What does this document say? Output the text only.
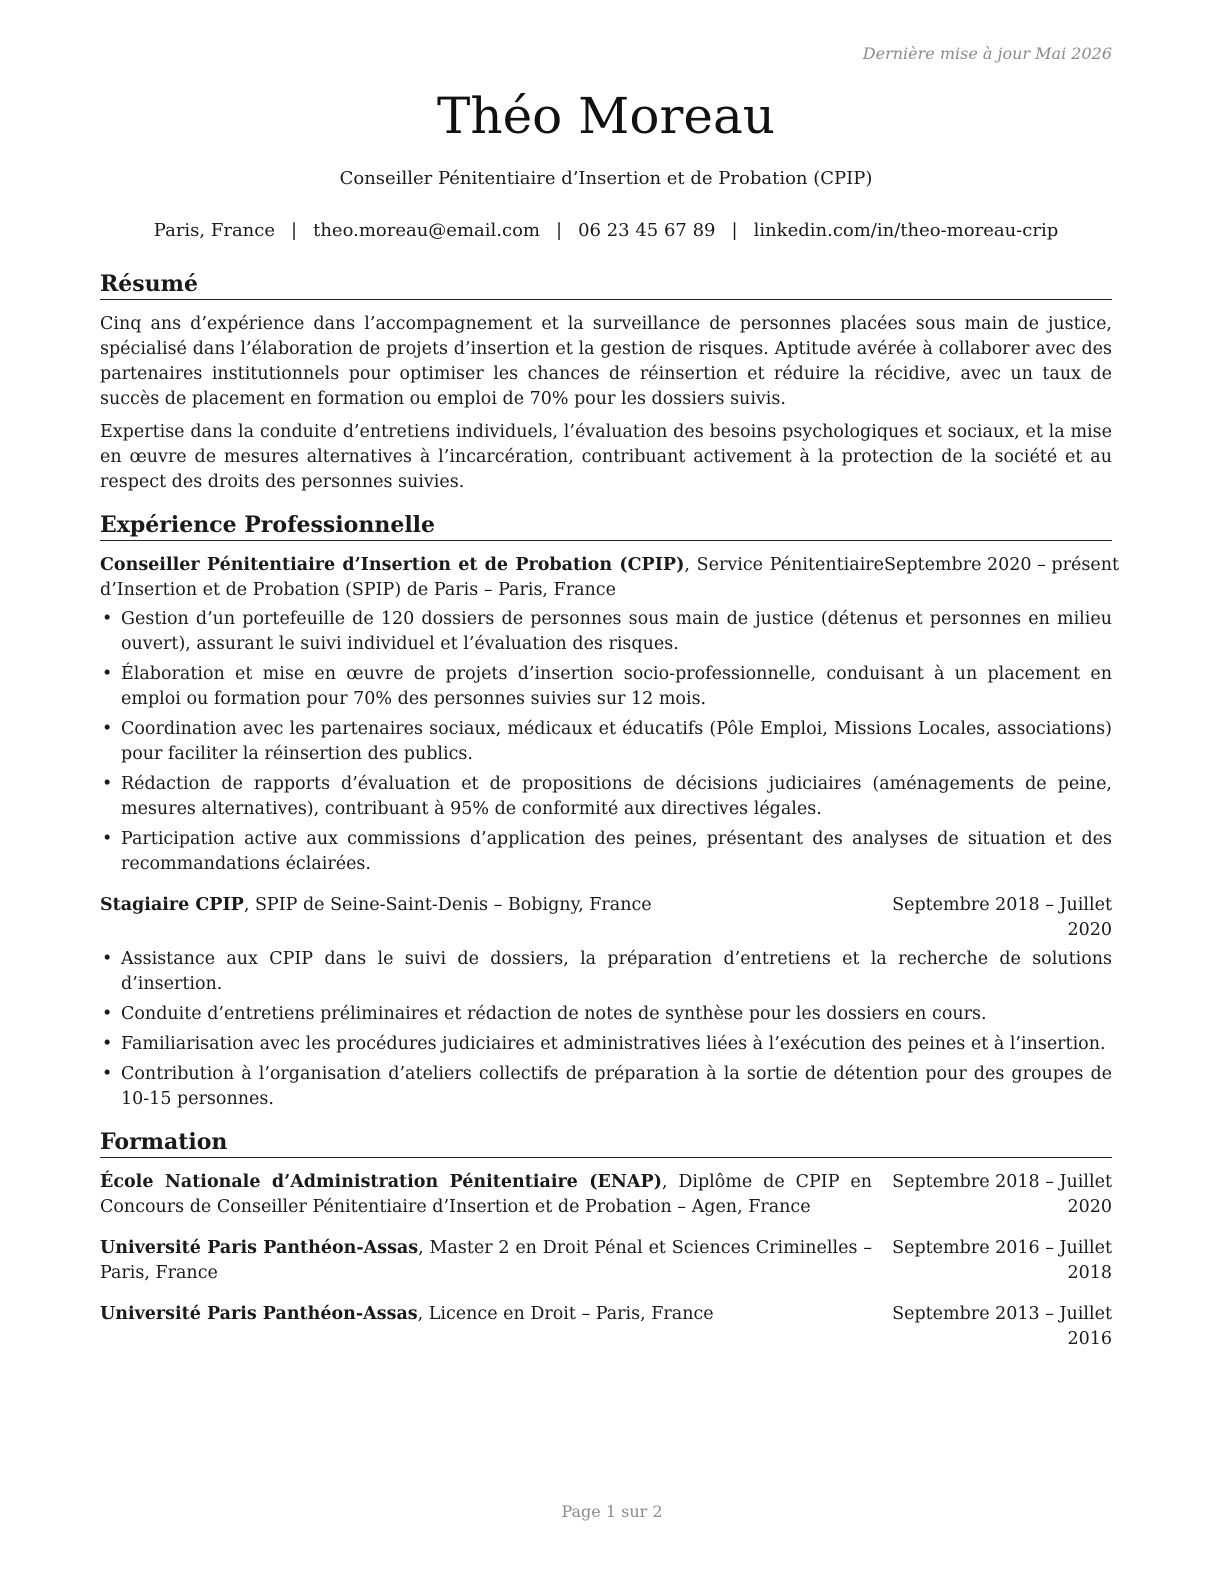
Dernière mise à jour Mai 2026
Théo Moreau
Conseiller Pénitentiaire d’Insertion et de Probation (CPIP)
Paris, France | theo.moreau@email.com | 06 23 45 67 89 | linkedin.com/in/theo-moreau-crip
Résumé

Cinq ans d’expérience dans l’accompagnement et la surveillance de personnes placées sous main de justice, spécialisé dans l’élaboration de projets d’insertion et la gestion de risques. Aptitude avérée à collaborer avec des partenaires institutionnels pour optimiser les chances de réinsertion et réduire la récidive, avec un taux de succès de placement en formation ou emploi de 70% pour les dossiers suivis.

Expertise dans la conduite d’entretiens individuels, l’évaluation des besoins psychologiques et sociaux, et la mise en œuvre de mesures alternatives à l’incarcération, contribuant activement à la protection de la société et au respect des droits des personnes suivies.

Expérience Professionnelle
Conseiller Pénitentiaire d’Insertion et de Probation (CPIP), Service Pénitentiaire d’Insertion et de Probation (SPIP) de Paris – Paris, France
Septembre 2020 – présent
• Gestion d’un portefeuille de 120 dossiers de personnes sous main de justice (détenus et personnes en milieu ouvert), assurant le suivi individuel et l’évaluation des risques.
• Élaboration et mise en œuvre de projets d’insertion socio-professionnelle, conduisant à un placement en emploi ou formation pour 70% des personnes suivies sur 12 mois.
• Coordination avec les partenaires sociaux, médicaux et éducatifs (Pôle Emploi, Missions Locales, associations) pour faciliter la réinsertion des publics.
• Rédaction de rapports d’évaluation et de propositions de décisions judiciaires (aménagements de peine, mesures alternatives), contribuant à 95% de conformité aux directives légales.
• Participation active aux commissions d’application des peines, présentant des analyses de situation et des recommandations éclairées.
Stagiaire CPIP, SPIP de Seine-Saint-Denis – Bobigny, France	Septembre 2018 – Juillet 2020
• Assistance aux CPIP dans le suivi de dossiers, la préparation d’entretiens et la recherche de solutions d’insertion.
• Conduite d’entretiens préliminaires et rédaction de notes de synthèse pour les dossiers en cours.
• Familiarisation avec les procédures judiciaires et administratives liées à l’exécution des peines et à l’insertion.
• Contribution à l’organisation d’ateliers collectifs de préparation à la sortie de détention pour des groupes de 10-15 personnes.
Formation
École Nationale d’Administration Pénitentiaire (ENAP), Diplôme de CPIP en Concours de Conseiller Pénitentiaire d’Insertion et de Probation – Agen, France
Septembre 2018 – Juillet 2020
Université Paris Panthéon-Assas, Master 2 en Droit Pénal et Sciences Criminelles – Paris, France
Septembre 2016 – Juillet 2018
Université Paris Panthéon-Assas, Licence en Droit – Paris, France	Septembre 2013 – Juillet 2016
Page 1 sur 2
